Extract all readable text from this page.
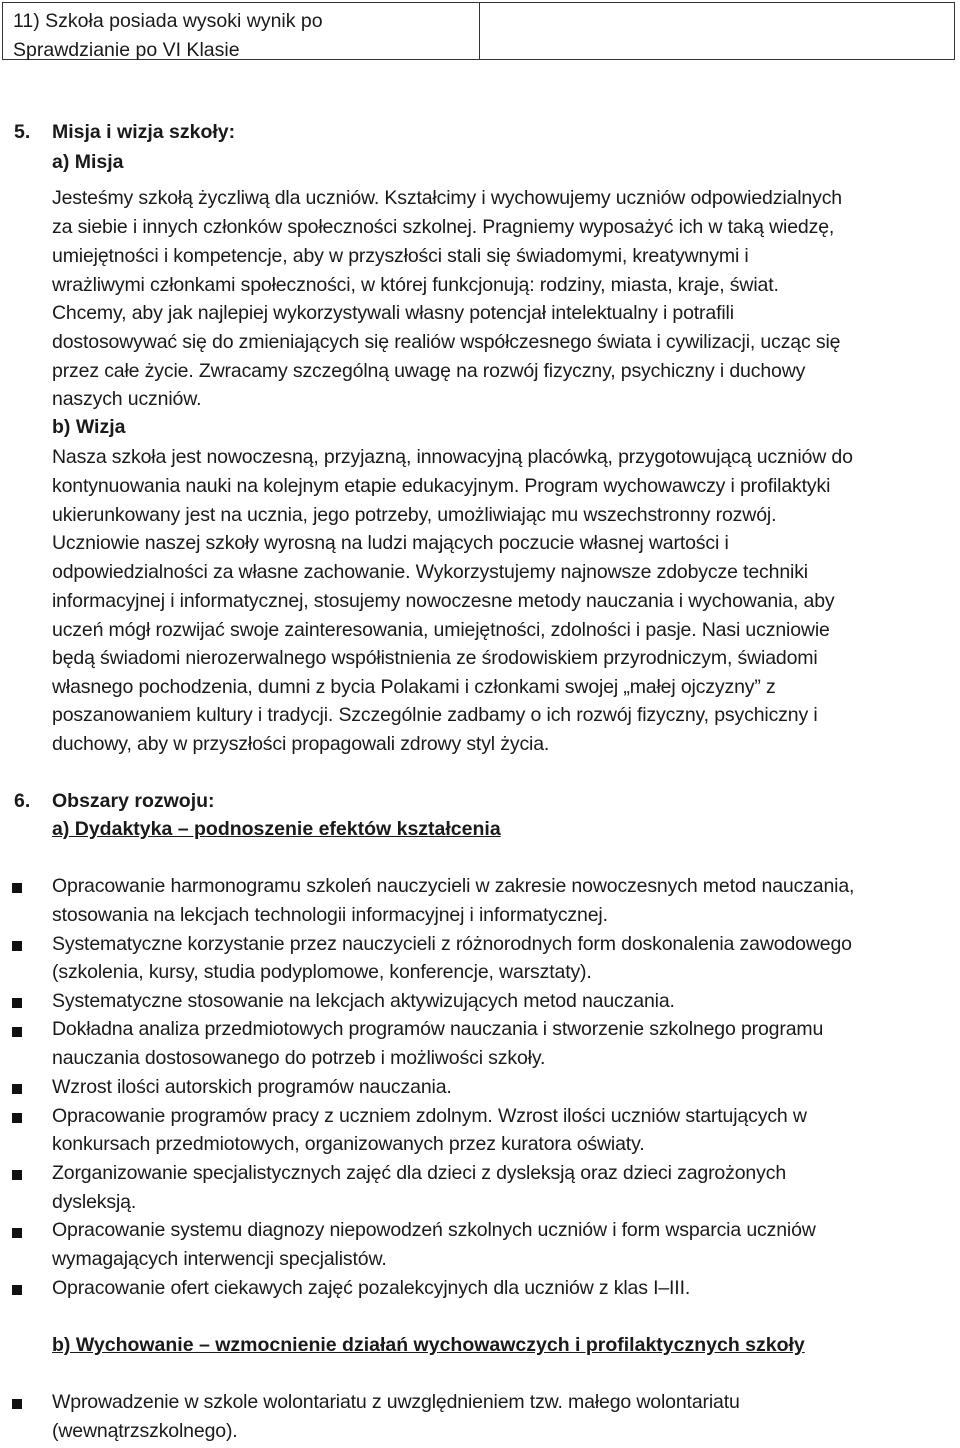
11) Szkoła posiada wysoki wynik po
Sprawdzianie po VI Klasie
5. Misja i wizja szkoły:
a) Misja
Jesteśmy szkołą życzliwą dla uczniów. Kształcimy i wychowujemy uczniów odpowiedzialnych
za siebie i innych członków społeczności szkolnej. Pragniemy wyposażyć ich w taką wiedzę,
umiejętności i kompetencje, aby w przyszłości stali się świadomymi, kreatywnymi i
wrażliwymi członkami społeczności, w której funkcjonują: rodziny, miasta, kraje, świat.
Chcemy, aby jak najlepiej wykorzystywali własny potencjał intelektualny i potrafili
dostosowywać się do zmieniających się realiów współczesnego świata i cywilizacji, ucząc się
przez całe życie. Zwracamy szczególną uwagę na rozwój fizyczny, psychiczny i duchowy
naszych uczniów.
b) Wizja
Nasza szkoła jest nowoczesną, przyjazną, innowacyjną placówką, przygotowującą uczniów do
kontynuowania nauki na kolejnym etapie edukacyjnym. Program wychowawczy i profilaktyki
ukierunkowany jest na ucznia, jego potrzeby, umożliwiając mu wszechstronny rozwój.
Uczniowie naszej szkoły wyrosną na ludzi mających poczucie własnej wartości i
odpowiedzialności za własne zachowanie. Wykorzystujemy najnowsze zdobycze techniki
informacyjnej i informatycznej, stosujemy nowoczesne metody nauczania i wychowania, aby
uczeń mógł rozwijać swoje zainteresowania, umiejętności, zdolności i pasje. Nasi uczniowie
będą świadomi nierozerwalnego współistnienia ze środowiskiem przyrodniczym, świadomi
własnego pochodzenia, dumni z bycia Polakami i członkami swojej „małej ojczyzny” z
poszanowaniem kultury i tradycji. Szczególnie zadbamy o ich rozwój fizyczny, psychiczny i
duchowy, aby w przyszłości propagowali zdrowy styl życia.
6. Obszary rozwoju:
a) Dydaktyka – podnoszenie efektów kształcenia
Opracowanie harmonogramu szkoleń nauczycieli w zakresie nowoczesnych metod nauczania,
stosowania na lekcjach technologii informacyjnej i informatycznej.
Systematyczne korzystanie przez nauczycieli z różnorodnych form doskonalenia zawodowego
(szkolenia, kursy, studia podyplomowe, konferencje, warsztaty).
Systematyczne stosowanie na lekcjach aktywizujących metod nauczania.
Dokładna analiza przedmiotowych programów nauczania i stworzenie szkolnego programu
nauczania dostosowanego do potrzeb i możliwości szkoły.
Wzrost ilości autorskich programów nauczania.
Opracowanie programów pracy z uczniem zdolnym. Wzrost ilości uczniów startujących w
konkursach przedmiotowych, organizowanych przez kuratora oświaty.
Zorganizowanie specjalistycznych zajęć dla dzieci z dysleksją oraz dzieci zagrożonych
dysleksją.
Opracowanie systemu diagnozy niepowodzeń szkolnych uczniów i form wsparcia uczniów
wymagających interwencji specjalistów.
Opracowanie ofert ciekawych zajęć pozalekcyjnych dla uczniów z klas I–III.
b) Wychowanie – wzmocnienie działań wychowawczych i profilaktycznych szkoły
Wprowadzenie w szkole wolontariatu z uwzględnieniem tzw. małego wolontariatu
(wewnątrzszkolnego).
